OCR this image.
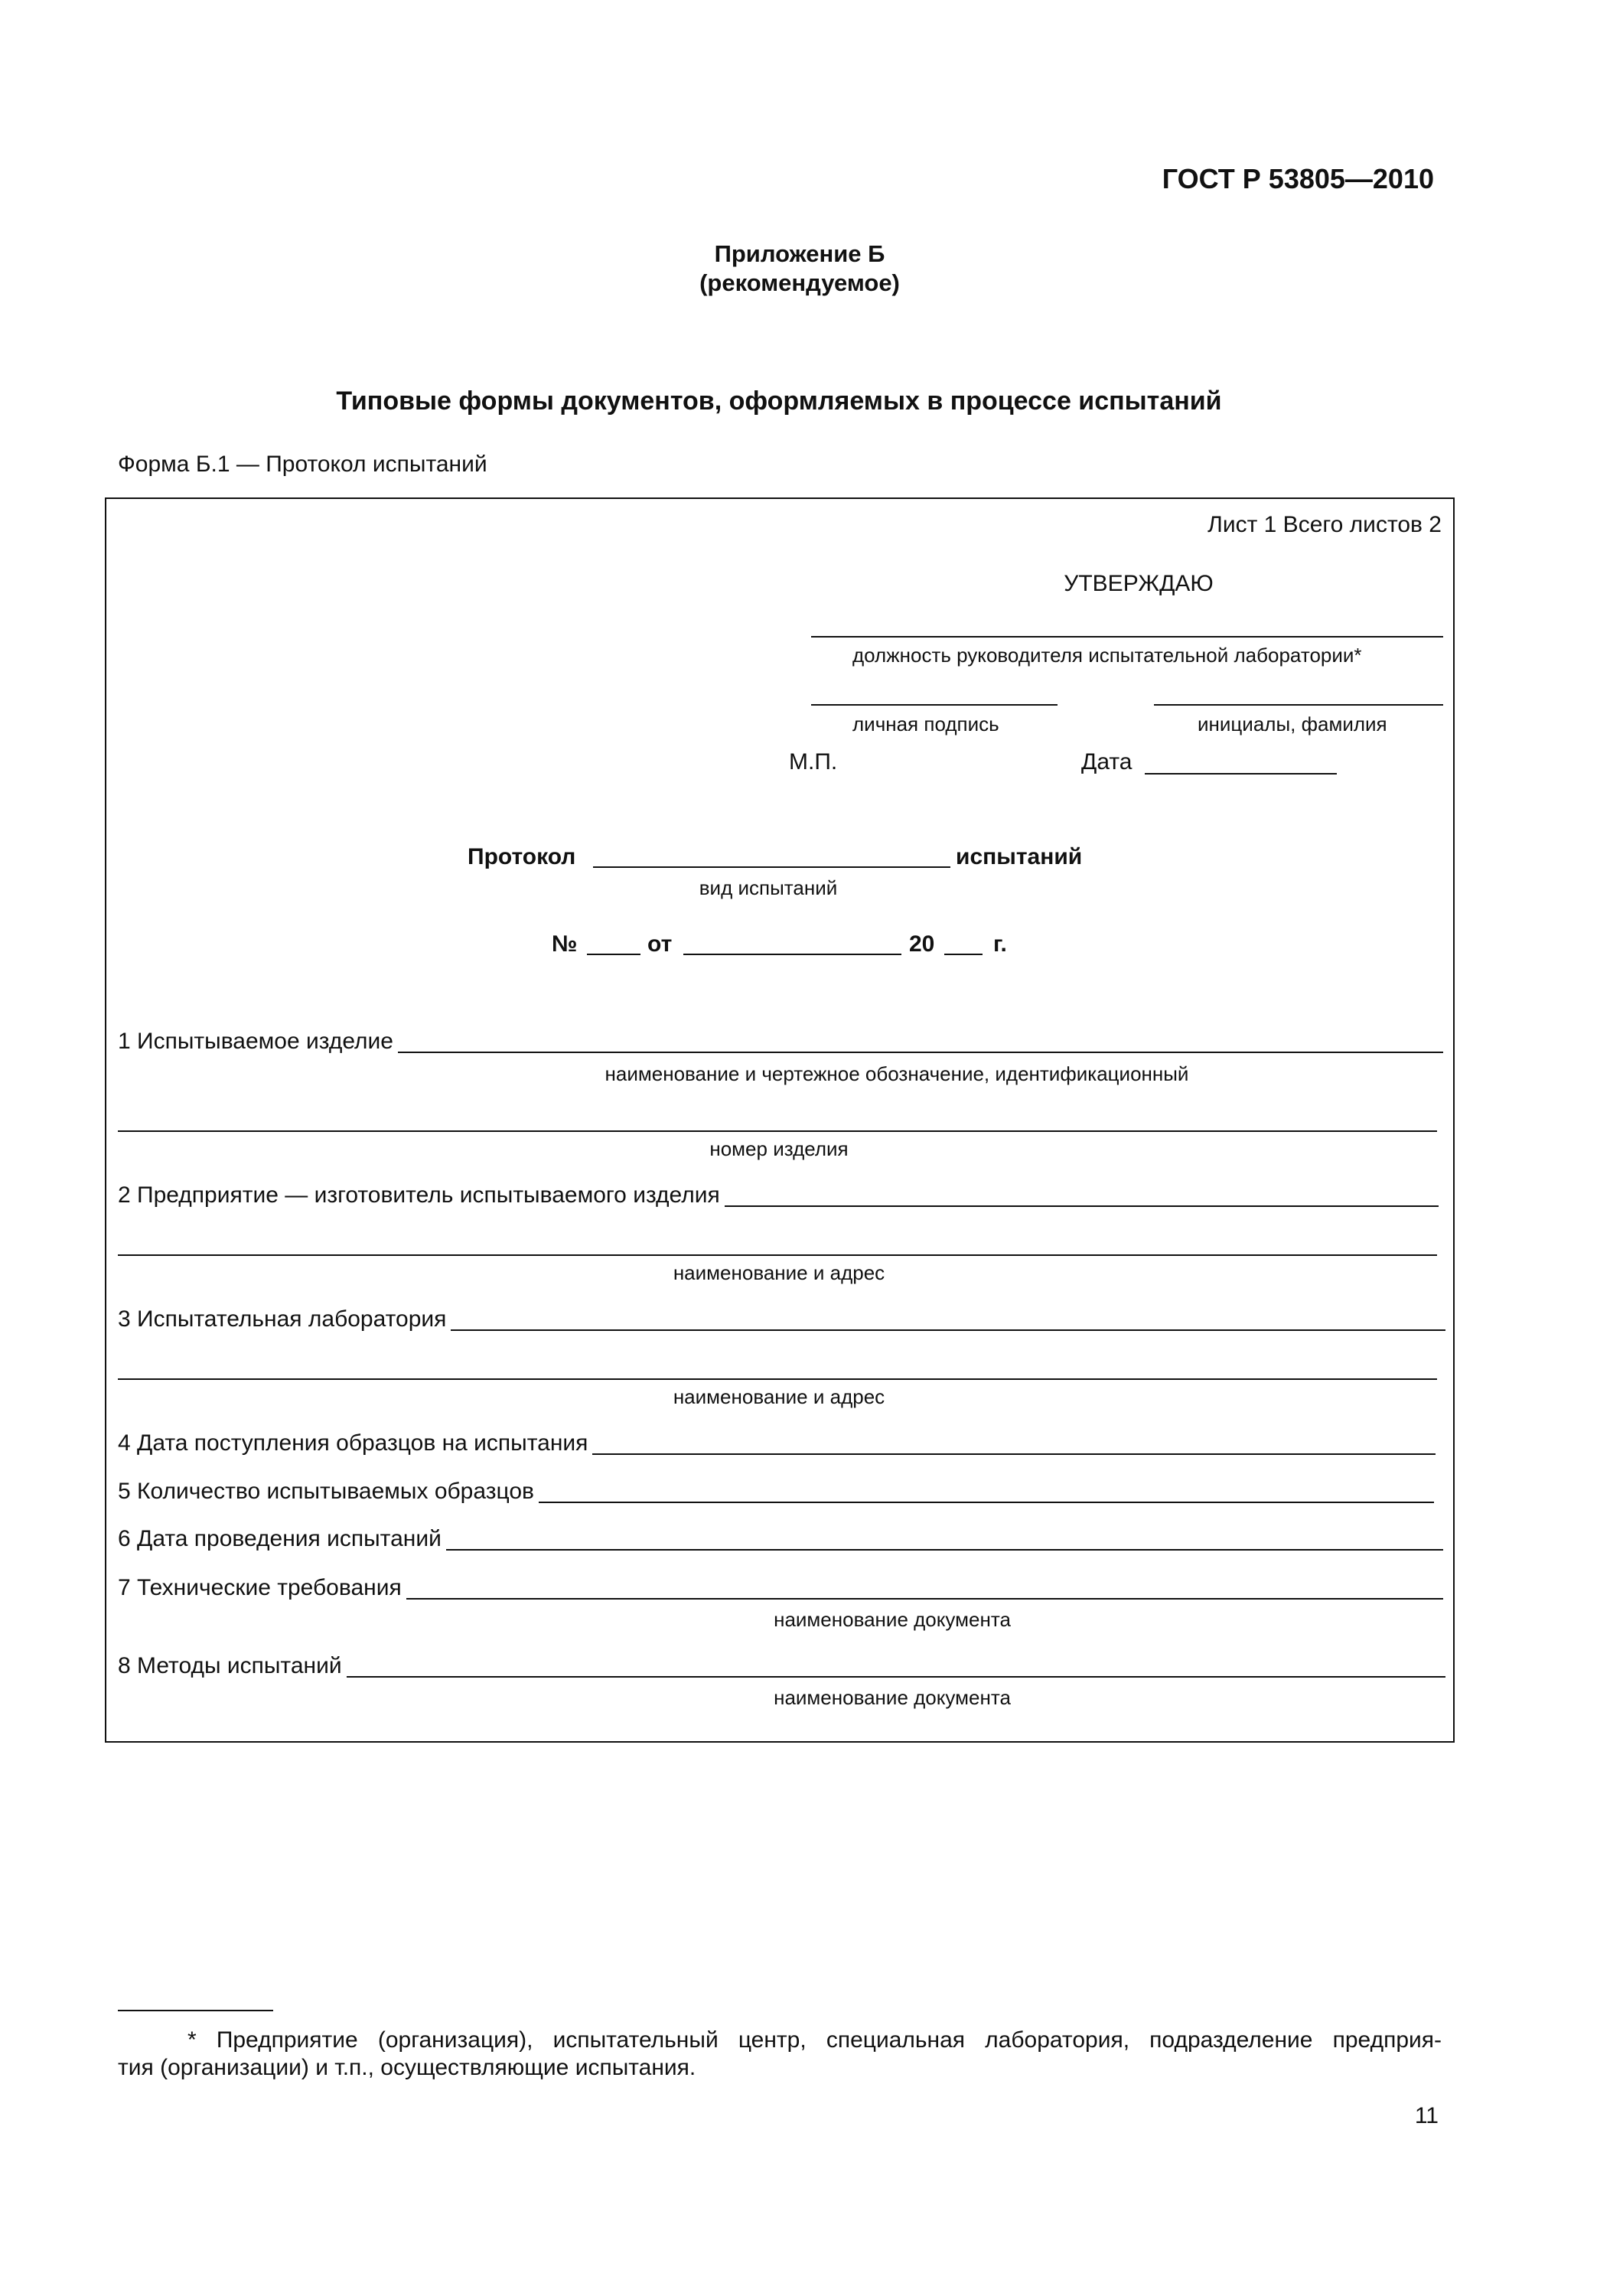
ГОСТ Р 53805—2010
Приложение Б
(рекомендуемое)
Типовые формы документов, оформляемых в процессе испытаний
Форма Б.1 — Протокол испытаний
Лист 1 Всего листов 2
УТВЕРЖДАЮ
должность руководителя испытательной лаборатории*
личная подпись	инициалы, фамилия
М.П.	Дата
Протокол	испытаний
вид испытаний
№	от	20	г.
1 Испытываемое изделие
наименование и чертежное обозначение, идентификационный
номер изделия
2 Предприятие — изготовитель испытываемого изделия
наименование и адрес
3 Испытательная лаборатория
наименование и адрес
4 Дата поступления образцов на испытания
5 Количество испытываемых образцов
6 Дата проведения испытаний
7 Технические требования
наименование документа
8 Методы испытаний
наименование документа
* Предприятие (организация), испытательный центр, специальная лаборатория, подразделение предприя-
тия (организации) и т.п., осуществляющие испытания.
11
